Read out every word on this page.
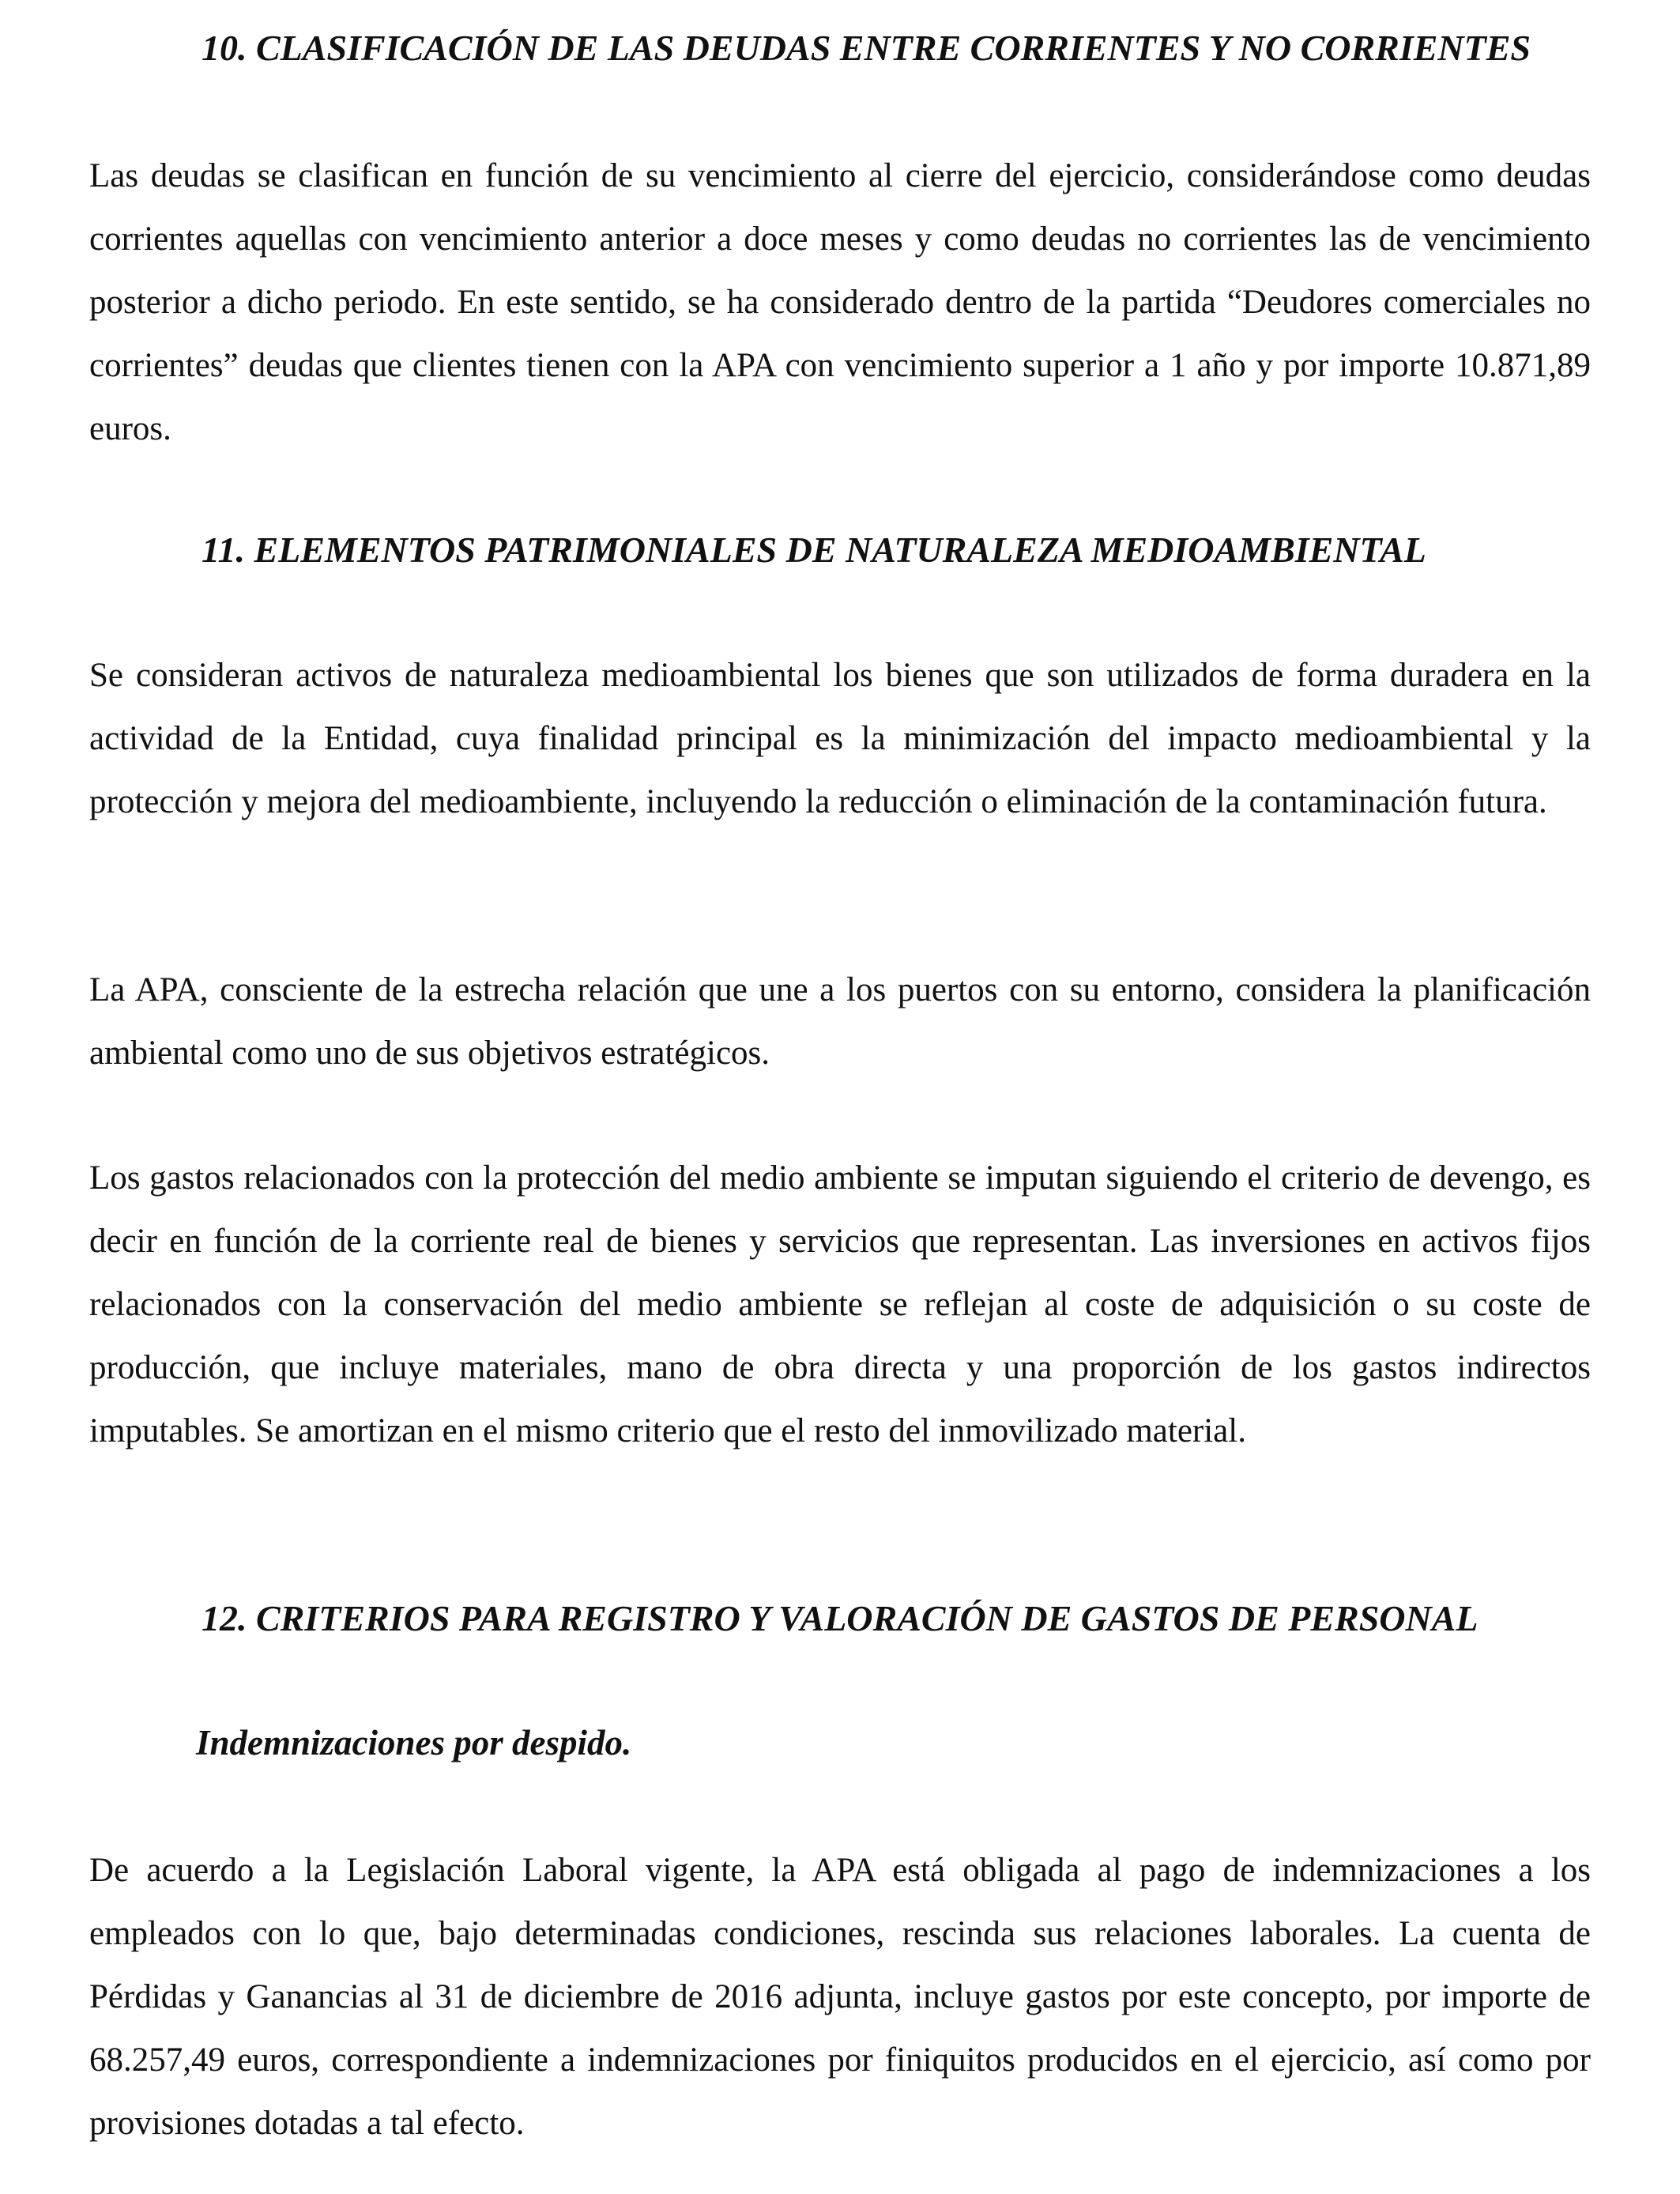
10. CLASIFICACIÓN DE LAS DEUDAS ENTRE CORRIENTES Y NO CORRIENTES
Las deudas se clasifican en función de su vencimiento al cierre del ejercicio, considerándose como deudas corrientes aquellas con vencimiento anterior a doce meses y como deudas no corrientes las de vencimiento posterior a dicho periodo. En este sentido, se ha considerado dentro de la partida “Deudores comerciales no corrientes” deudas que clientes tienen con la APA con vencimiento superior a 1 año y por importe 10.871,89 euros.
11. ELEMENTOS PATRIMONIALES DE NATURALEZA MEDIOAMBIENTAL
Se consideran activos de naturaleza medioambiental los bienes que son utilizados de forma duradera en la actividad de la Entidad, cuya finalidad principal es la minimización del impacto medioambiental y la protección y mejora del medioambiente, incluyendo la reducción o eliminación de la contaminación futura.
La APA, consciente de la estrecha relación que une a los puertos con su entorno, considera la planificación ambiental como uno de sus objetivos estratégicos.
Los gastos relacionados con la protección del medio ambiente se imputan siguiendo el criterio de devengo, es decir en función de la corriente real de bienes y servicios que representan. Las inversiones en activos fijos relacionados con la conservación del medio ambiente se reflejan al coste de adquisición o su coste de producción, que incluye materiales, mano de obra directa y una proporción de los gastos indirectos imputables. Se amortizan en el mismo criterio que el resto del inmovilizado material.
12. CRITERIOS PARA REGISTRO Y VALORACIÓN DE GASTOS DE PERSONAL
Indemnizaciones por despido.
De acuerdo a la Legislación Laboral vigente, la APA está obligada al pago de indemnizaciones a los empleados con lo que, bajo determinadas condiciones, rescinda sus relaciones laborales. La cuenta de Pérdidas y Ganancias al 31 de diciembre de 2016 adjunta, incluye gastos por este concepto, por importe de 68.257,49 euros, correspondiente a indemnizaciones por finiquitos producidos en el ejercicio, así como por provisiones dotadas a tal efecto.
